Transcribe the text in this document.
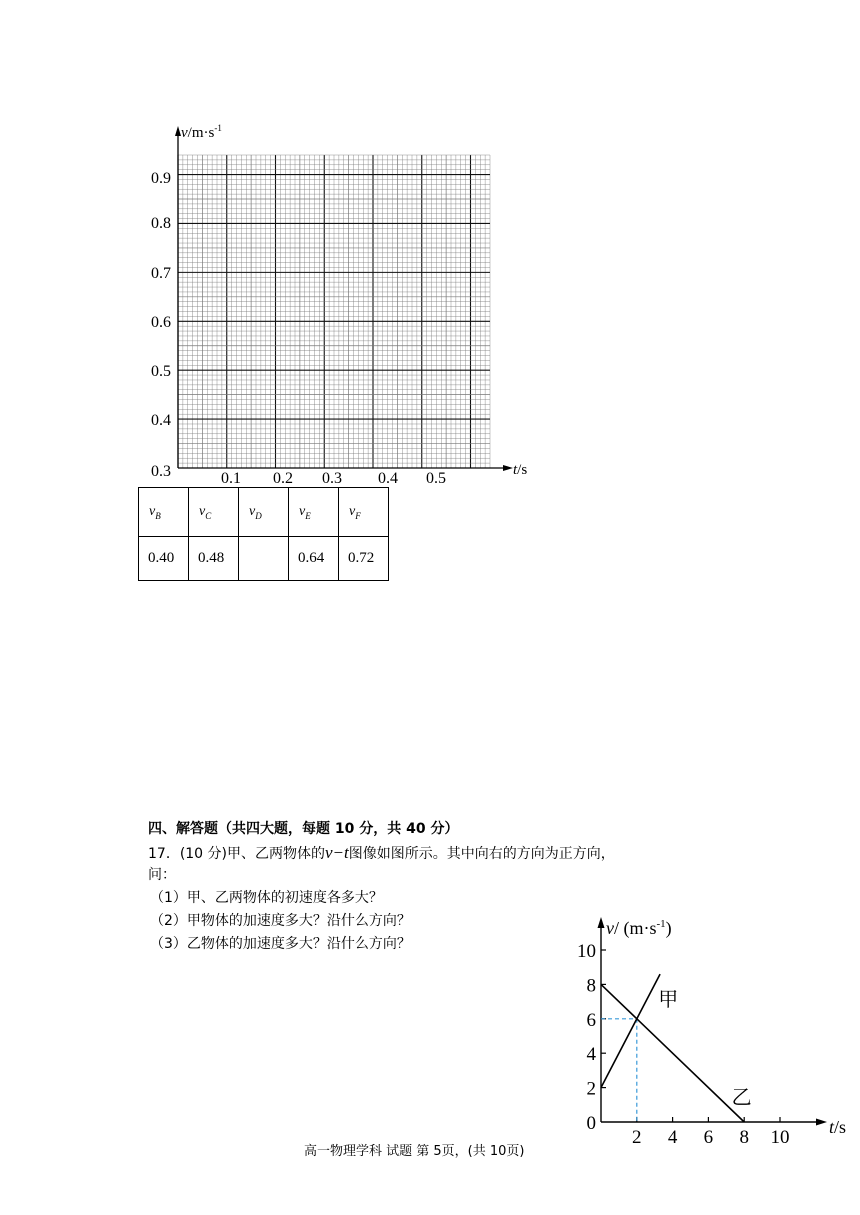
$v/m\cdot s^{-1}$
t/s
0.9
0.8
0.7
0.6
0.5
0.4
0.3	0.1 0.2 0.3 0.4 0.5
$v_B$	$v_C$	$v_D$	$v_E$	$v_F$
0.40	0.48		0.64	0.72
四、解答题（共四大题，每题 10 分，共 40 分）
17．(10 分)甲、乙两物体的v−t图像如图所示。其中向右的方向为正方向，
问：
（1）甲、乙两物体的初速度各多大？
（2）甲物体的加速度多大？沿什么方向？
（3）乙物体的加速度多大？沿什么方向？
0
2
4
6
8
10
2 4 6 8 10
甲
乙
v/ $(m\cdot s^{-1})$
t/s
高一物理学科 试题 第 5页，(共 10页)
